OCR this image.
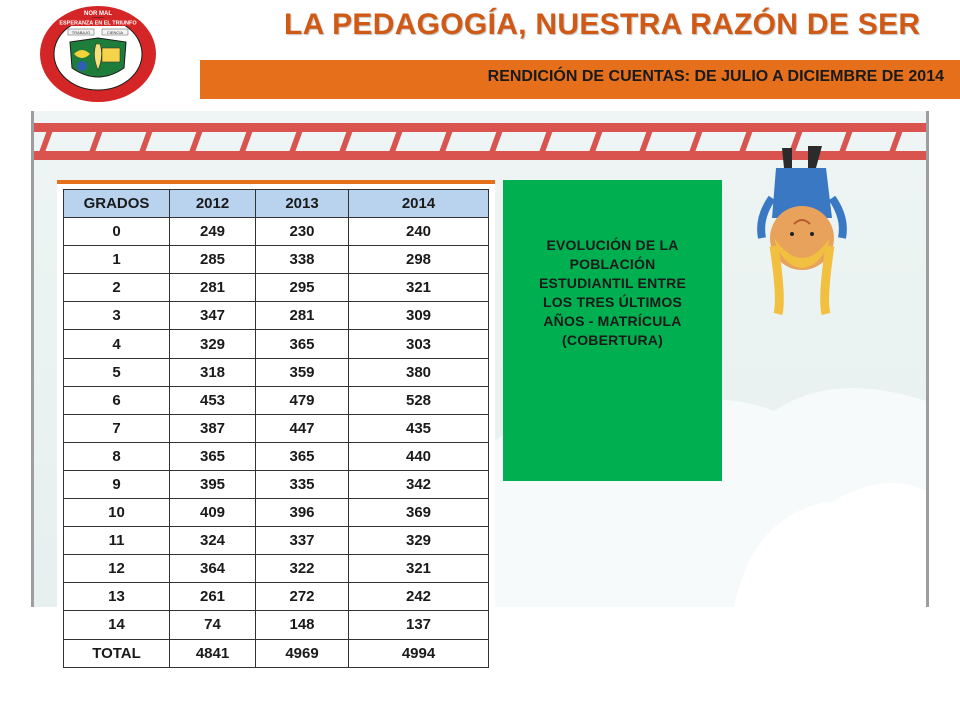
ESPERANZA EN EL TRIUNFO
NOR MAL
TRABAJO	CIENCIA	LA PEDAGOGÍA, NUESTRA RAZÓN DE SER
RENDICIÓN DE CUENTAS: DE JULIO A DICIEMBRE DE 2014
GRADOS	2012	2013	2014
0	249	230	240
1	285	338	298
2	281	295	321
3	347	281	309
4	329	365	303
5	318	359	380
6	453	479	528
7	387	447	435
8	365	365	440
9	395	335	342
10	409	396	369
11	324	337	329
12	364	322	321
13	261	272	242
14	74	148	137
TOTAL	4841	4969	4994
EVOLUCIÓN DE LA POBLACIÓN ESTUDIANTIL ENTRE LOS TRES ÚLTIMOS AÑOS - MATRÍCULA (COBERTURA)
